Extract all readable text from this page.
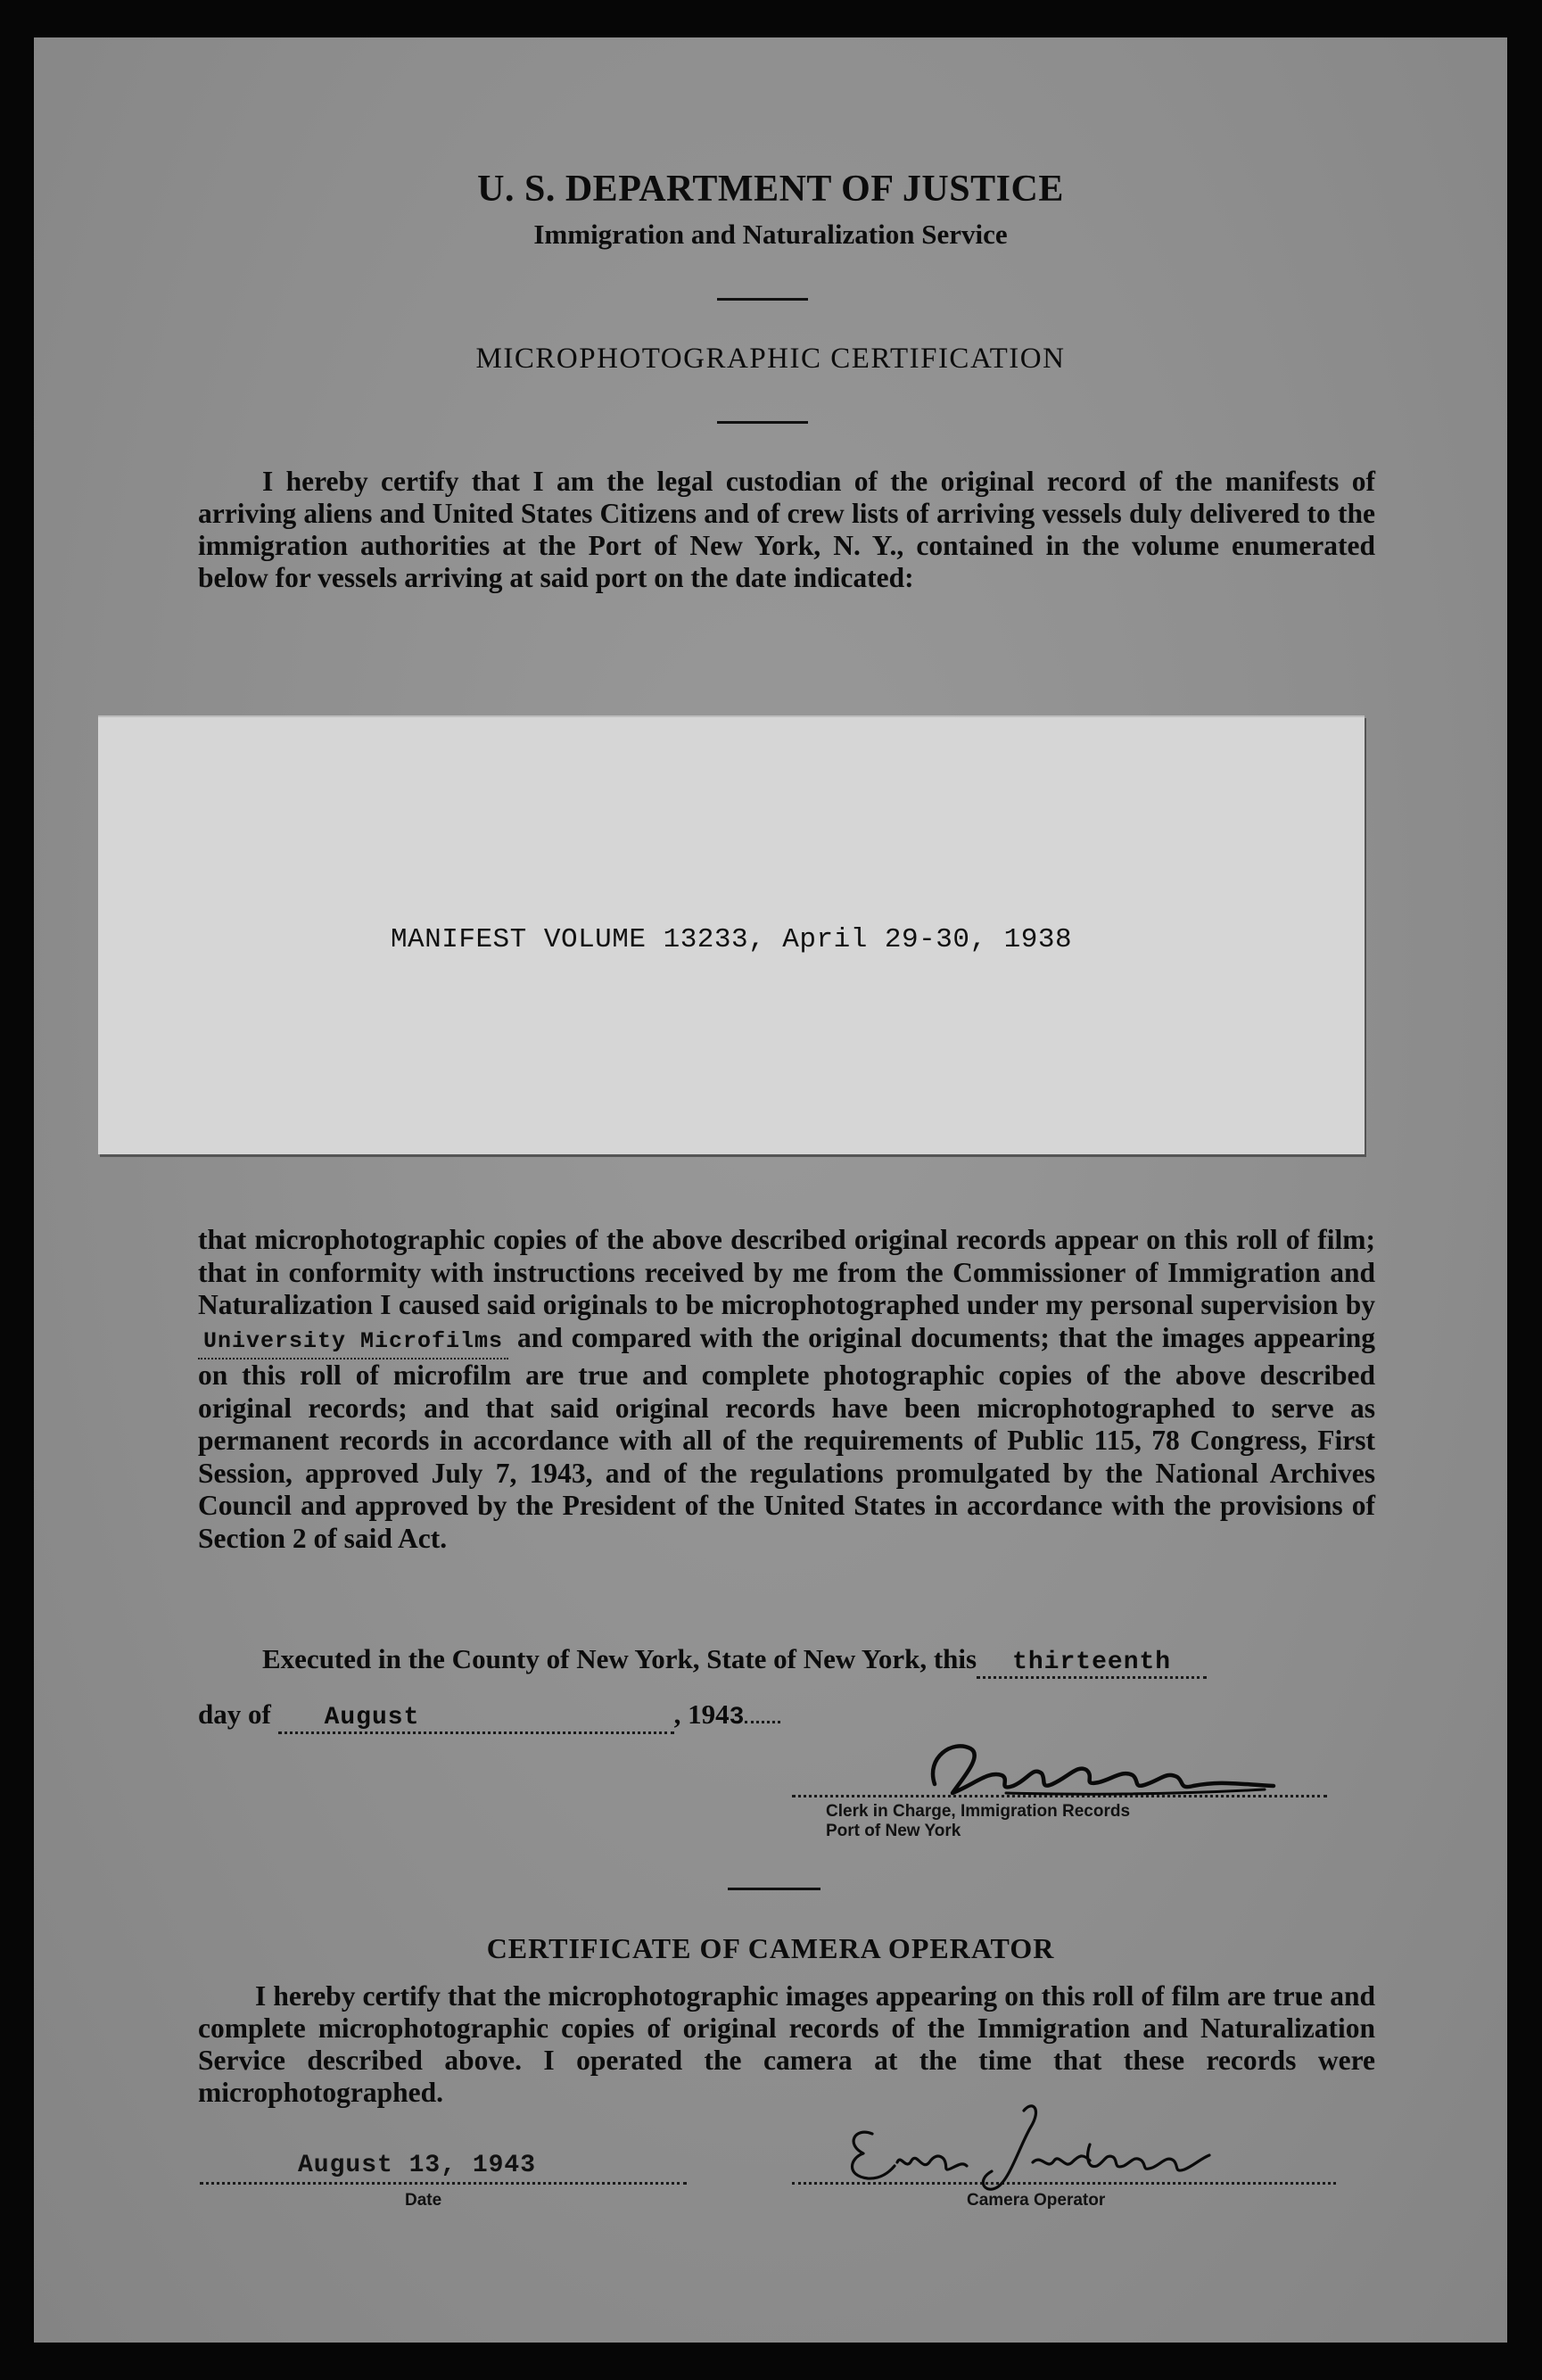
U. S. DEPARTMENT OF JUSTICE
Immigration and Naturalization Service
MICROPHOTOGRAPHIC CERTIFICATION
I hereby certify that I am the legal custodian of the original record of the manifests of arriving aliens and United States Citizens and of crew lists of arriving vessels duly delivered to the immigration authorities at the Port of New York, N. Y., contained in the volume enumerated below for vessels arriving at said port on the date indicated:
MANIFEST VOLUME 13233, April 29-30, 1938
that microphotographic copies of the above described original records appear on this roll of film; that in conformity with instructions received by me from the Commissioner of Immigration and Naturalization I caused said originals to be microphotographed under my personal supervision byUniversity Microfilms and compared with the original documents; that the images appearing on this roll of microfilm are true and complete photographic copies of the above described original records; and that said original records have been microphotographed to serve as permanent records in accordance with all of the requirements of Public 115, 78 Congress, First Session, approved July 7, 1943, and of the regulations promulgated by the National Archives Council and approved by the President of the United States in accordance with the provisions of Section 2 of said Act.
Executed in the County of New York, State of New York, this thirteenth
day of August	, 1943
Clerk in Charge, Immigration Records
Port of New York
CERTIFICATE OF CAMERA OPERATOR
I hereby certify that the microphotographic images appearing on this roll of film are true and complete microphotographic copies of original records of the Immigration and Naturalization Service described above. I operated the camera at the time that these records were microphotographed.
August 13, 1943
Date	Camera Operator
